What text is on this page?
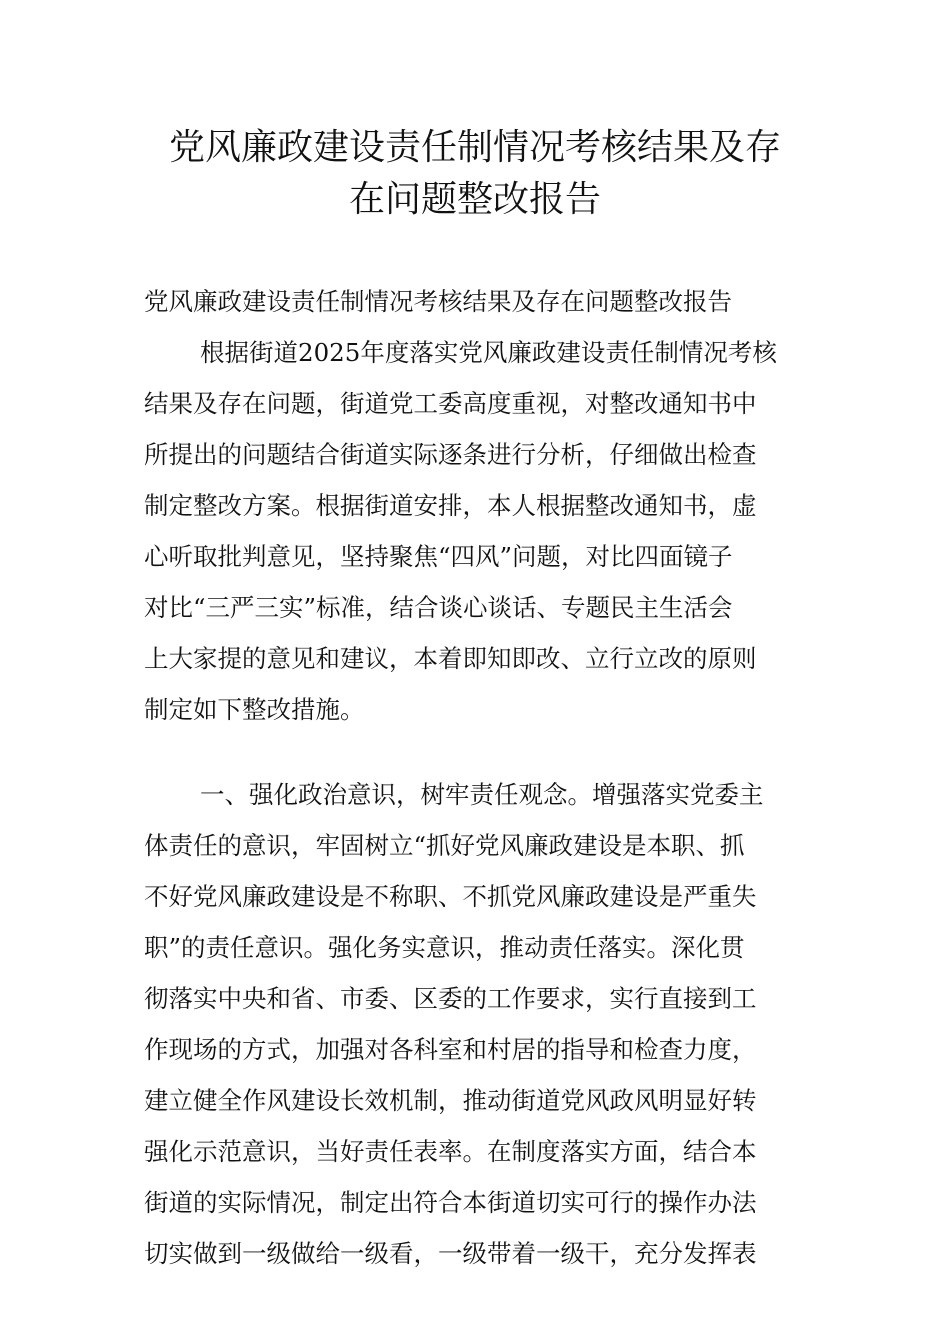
党风廉政建设责任制情况考核结果及存
在问题整改报告
党风廉政建设责任制情况考核结果及存在问题整改报告
根据街道2025年度落实党风廉政建设责任制情况考核
结果及存在问题，街道党工委高度重视，对整改通知书中
所提出的问题结合街道实际逐条进行分析，仔细做出检查
制定整改方案。根据街道安排，本人根据整改通知书，虚
心听取批判意见，坚持聚焦“四风”问题，对比四面镜子
对比“三严三实”标准，结合谈心谈话、专题民主生活会
上大家提的意见和建议，本着即知即改、立行立改的原则
制定如下整改措施。
一、强化政治意识，树牢责任观念。增强落实党委主
体责任的意识，牢固树立“抓好党风廉政建设是本职、抓
不好党风廉政建设是不称职、不抓党风廉政建设是严重失
职”的责任意识。强化务实意识，推动责任落实。深化贯
彻落实中央和省、市委、区委的工作要求，实行直接到工
作现场的方式，加强对各科室和村居的指导和检查力度，
建立健全作风建设长效机制，推动街道党风政风明显好转
强化示范意识，当好责任表率。在制度落实方面，结合本
街道的实际情况，制定出符合本街道切实可行的操作办法
切实做到一级做给一级看，一级带着一级干，充分发挥表
